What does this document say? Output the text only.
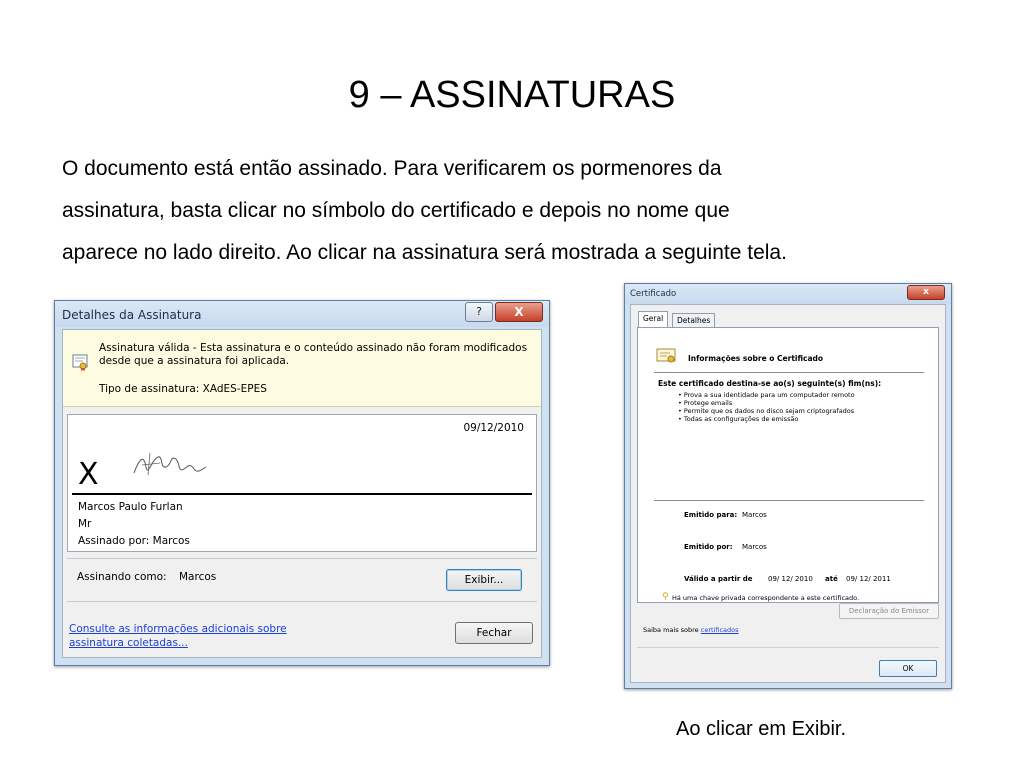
9 – ASSINATURAS

O documento está então assinado. Para verificarem os pormenores da

assinatura, basta clicar no símbolo do certificado e depois no nome que

aparece no lado direito. Ao clicar na assinatura será mostrada a seguinte tela.

Detalhes da Assinatura	?	X
Assinatura válida - Esta assinatura e o conteúdo assinado não foram modificados
desde que a assinatura foi aplicada.
Tipo de assinatura: XAdES-EPES
09/12/2010
X
Marcos Paulo Furlan
Mr
Assinado por: Marcos
Assinando como: Marcos	Exibir...
Consulte as informações adicionais sobre assinatura coletadas...
Fechar
Certificado	x
Geral	Detalhes
Informações sobre o Certificado
Este certificado destina-se ao(s) seguinte(s) fim(ns):
• Prova a sua identidade para um computador remoto
• Protege emails
• Permite que os dados no disco sejam criptografados
• Todas as configurações de emissão
Emitido para: Marcos
Emitido por: Marcos
Válido a partir de 09/ 12/ 2010 até 09/ 12/ 2011
⚲ Há uma chave privada correspondente a este certificado.
Declaração do Emissor
Saiba mais sobre certificados
OK
Ao clicar em Exibir.
